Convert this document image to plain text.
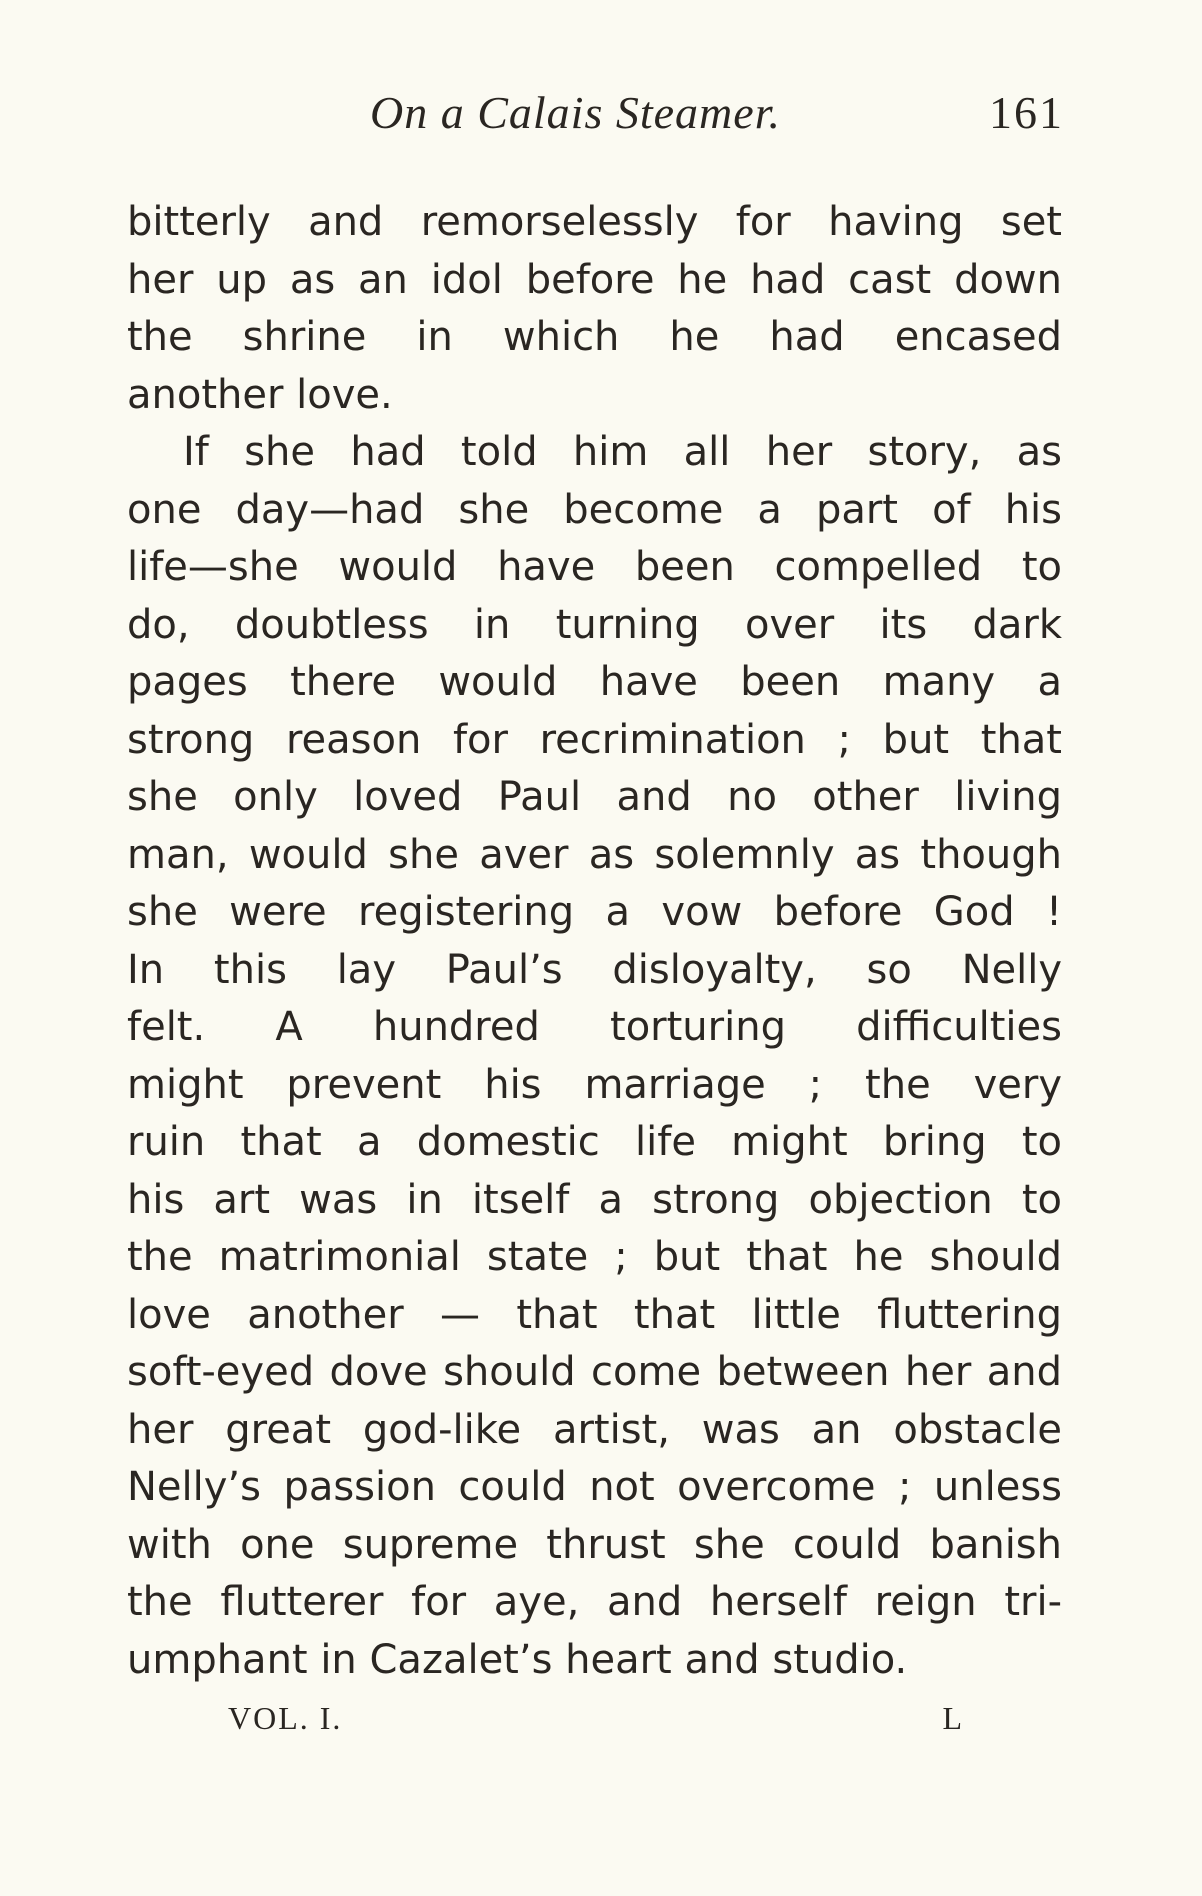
On a Calais Steamer.	161
bitterly and remorselessly for having set
her up as an idol before he had cast down
the shrine in which he had encased
another love.
If she had told him all her story, as
one day—had she become a part of his
life—she would have been compelled to
do, doubtless in turning over its dark
pages there would have been many a
strong reason for recrimination ; but that
she only loved Paul and no other living
man, would she aver as solemnly as though
she were registering a vow before God !
In this lay Paul’s disloyalty, so Nelly
felt. A hundred torturing difficulties
might prevent his marriage ; the very
ruin that a domestic life might bring to
his art was in itself a strong objection to
the matrimonial state ; but that he should
love another — that that little fluttering
soft-eyed dove should come between her and
her great god-like artist, was an obstacle
Nelly’s passion could not overcome ; unless
with one supreme thrust she could banish
the flutterer for aye, and herself reign tri-
umphant in Cazalet’s heart and studio.
VOL. I.	L
